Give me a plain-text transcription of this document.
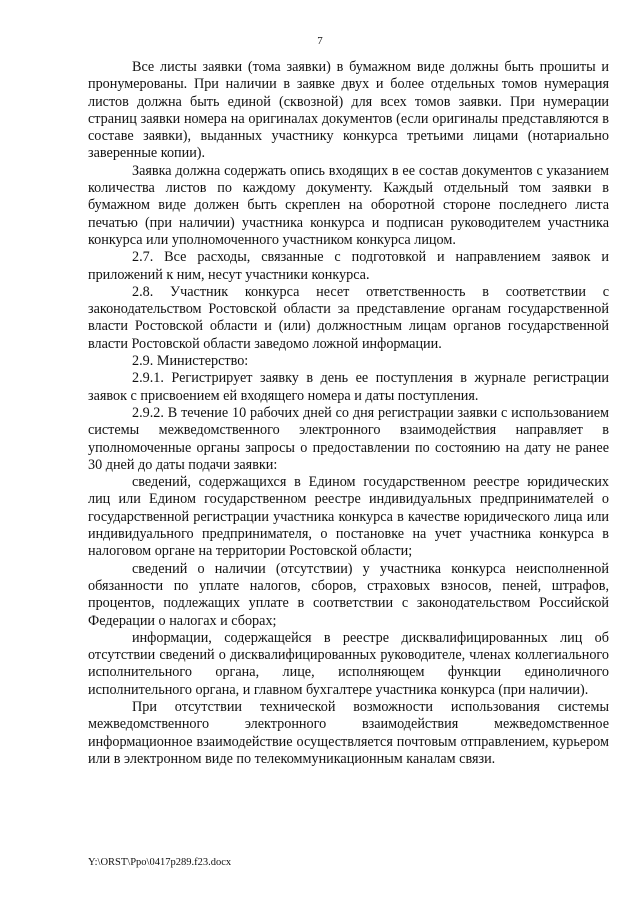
7

Все листы заявки (тома заявки) в бумажном виде должны быть прошиты и пронумерованы. При наличии в заявке двух и более отдельных томов нумерация листов должна быть единой (сквозной) для всех томов заявки. При нумерации страниц заявки номера на оригиналах документов (если оригиналы представляются в составе заявки), выданных участнику конкурса третьими лицами (нотариально заверенные копии).

Заявка должна содержать опись входящих в ее состав документов с указанием количества листов по каждому документу. Каждый отдельный том заявки в бумажном виде должен быть скреплен на оборотной стороне последнего листа печатью (при наличии) участника конкурса и подписан руководителем участника конкурса или уполномоченного участником конкурса лицом.

2.7. Все расходы, связанные с подготовкой и направлением заявок и приложений к ним, несут участники конкурса.

2.8. Участник конкурса несет ответственность в соответствии с законодательством Ростовской области за представление органам государственной власти Ростовской области и (или) должностным лицам органов государственной власти Ростовской области заведомо ложной информации.

2.9. Министерство:

2.9.1. Регистрирует заявку в день ее поступления в журнале регистрации заявок с присвоением ей входящего номера и даты поступления.

2.9.2. В течение 10 рабочих дней со дня регистрации заявки с использованием системы межведомственного электронного взаимодействия направляет в уполномоченные органы запросы о предоставлении по состоянию на дату не ранее 30 дней до даты подачи заявки:

сведений, содержащихся в Едином государственном реестре юридических лиц или Едином государственном реестре индивидуальных предпринимателей о государственной регистрации участника конкурса в качестве юридического лица или индивидуального предпринимателя, о постановке на учет участника конкурса в налоговом органе на территории Ростовской области;

сведений о наличии (отсутствии) у участника конкурса неисполненной обязанности по уплате налогов, сборов, страховых взносов, пеней, штрафов, процентов, подлежащих уплате в соответствии с законодательством Российской Федерации о налогах и сборах;

информации, содержащейся в реестре дисквалифицированных лиц об отсутствии сведений о дисквалифицированных руководителе, членах коллегиального исполнительного органа, лице, исполняющем функции единоличного исполнительного органа, и главном бухгалтере участника конкурса (при наличии).

При отсутствии технической возможности использования системы межведомственного электронного взаимодействия межведомственное информационное взаимодействие осуществляется почтовым отправлением, курьером или в электронном виде по телекоммуникационным каналам связи.

Y:\ORST\Ppo\0417p289.f23.docx
